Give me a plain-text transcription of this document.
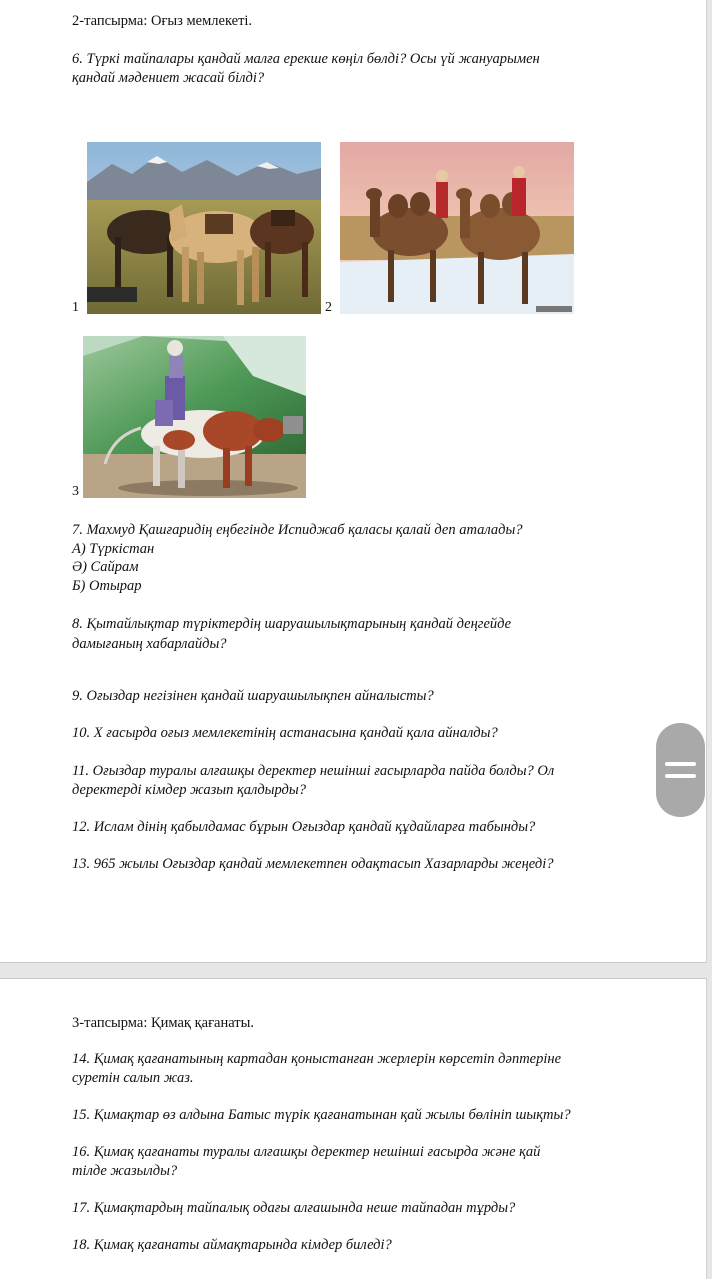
2-тапсырма: Оғыз мемлекеті.
6. Түркі тайпалары қандай малға ерекше көңіл бөлді? Осы үй жануарымен
қандай мәдениет жасай білді?
1	2
3
7. Махмуд Қашғаридің еңбегінде Испиджаб қаласы қалай деп аталады?
А) Түркістан
Ә) Сайрам
Б) Отырар
8. Қытайлықтар түріктердің шаруашылықтарының қандай деңгейде
дамығаның хабарлайды?
9. Оғыздар негізінен қандай шаруашылықпен айналысты?
10. Х ғасырда оғыз мемлекетінің астанасына қандай қала айналды?
11. Оғыздар туралы алғашқы деректер нешінші ғасырларда пайда болды? Ол
деректерді кімдер жазып қалдырды?
12. Ислам дінің қабылдамас бұрын Оғыздар қандай құдайларға табынды?
13. 965 жылы Оғыздар қандай мемлекетпен одақтасып Хазарларды жеңеді?
3-тапсырма: Қимақ қағанаты.
14. Қимақ қағанатының картадан қоныстанған жерлерін көрсетіп дәптеріне
суретін салып жаз.
15. Қимақтар өз алдына Батыс түрік қағанатынан қай жылы бөлініп шықты?
16. Қимақ қағанаты туралы алғашқы деректер нешінші ғасырда және қай
тілде жазылды?
17. Қимақтардың тайпалық одағы алғашында неше тайпадан тұрды?
18. Қимақ қағанаты аймақтарында кімдер биледі?
